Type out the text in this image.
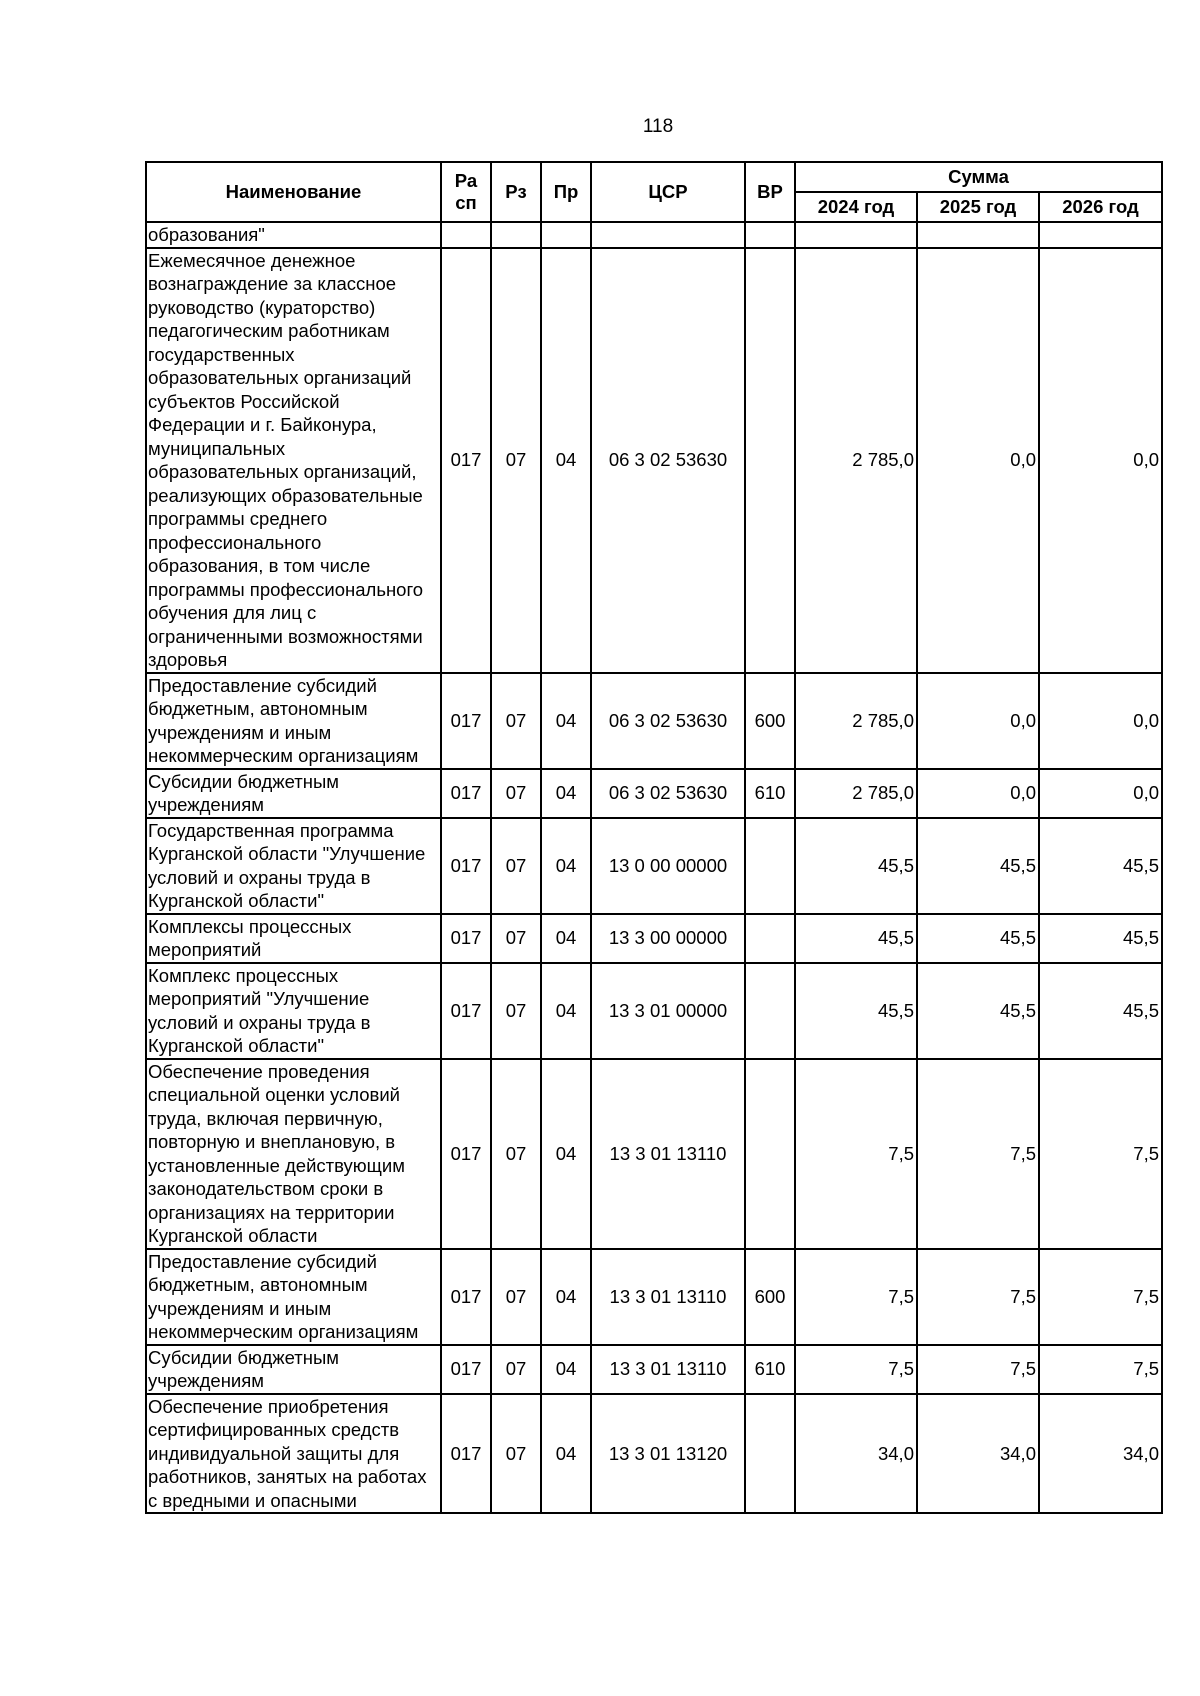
118
Наименование	Ра сп	Рз	Пр	ЦСР	ВР	Сумма		
						2024 год	2025 год	2026 год
образования"								
Ежемесячное денежное вознаграждение за классное руководство (кураторство) педагогическим работникам государственных образовательных организаций субъектов Российской Федерации и г. Байконура, муниципальных образовательных организаций, реализующих образовательные программы среднего профессионального образования, в том числе программы профессионального обучения для лиц с ограниченными возможностями здоровья	017	07	04	06 3 02 53630		2 785,0	0,0	0,0
Предоставление субсидий бюджетным, автономным учреждениям и иным некоммерческим организациям	017	07	04	06 3 02 53630	600	2 785,0	0,0	0,0
Субсидии бюджетным учреждениям	017	07	04	06 3 02 53630	610	2 785,0	0,0	0,0
Государственная программа Курганской области "Улучшение условий и охраны труда в Курганской области"	017	07	04	13 0 00 00000		45,5	45,5	45,5
Комплексы процессных мероприятий	017	07	04	13 3 00 00000		45,5	45,5	45,5
Комплекс процессных мероприятий "Улучшение условий и охраны труда в Курганской области"	017	07	04	13 3 01 00000		45,5	45,5	45,5
Обеспечение проведения специальной оценки условий труда, включая первичную, повторную и внеплановую, в установленные действующим законодательством сроки в организациях на территории Курганской области	017	07	04	13 3 01 13110		7,5	7,5	7,5
Предоставление субсидий бюджетным, автономным учреждениям и иным некоммерческим организациям	017	07	04	13 3 01 13110	600	7,5	7,5	7,5
Субсидии бюджетным учреждениям	017	07	04	13 3 01 13110	610	7,5	7,5	7,5
Обеспечение приобретения сертифицированных средств индивидуальной защиты для работников, занятых на работах с вредными и опасными	017	07	04	13 3 01 13120		34,0	34,0	34,0
